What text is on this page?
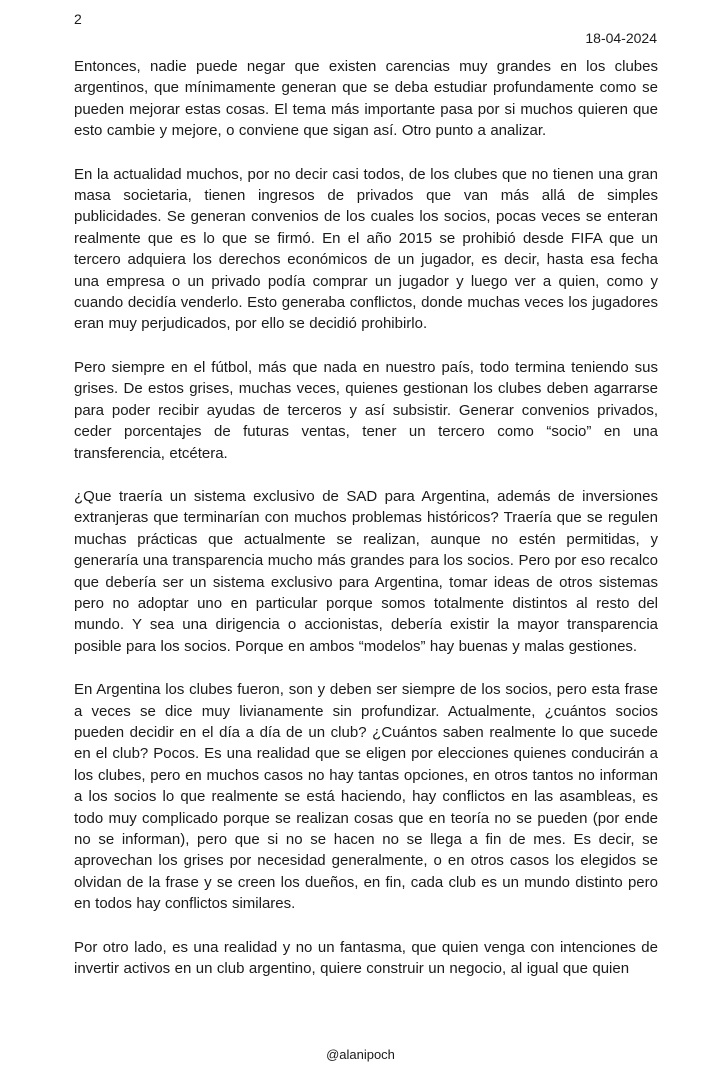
2
18-04-2024

Entonces, nadie puede negar que existen carencias muy grandes en los clubes argentinos, que mínimamente generan que se deba estudiar profundamente como se pueden mejorar estas cosas. El tema más importante pasa por si muchos quieren que esto cambie y mejore, o conviene que sigan así. Otro punto a analizar.

En la actualidad muchos, por no decir casi todos, de los clubes que no tienen una gran masa societaria, tienen ingresos de privados que van más allá de simples publicidades. Se generan convenios de los cuales los socios, pocas veces se enteran realmente que es lo que se firmó. En el año 2015 se prohibió desde FIFA que un tercero adquiera los derechos económicos de un jugador, es decir, hasta esa fecha una empresa o un privado podía comprar un jugador y luego ver a quien, como y cuando decidía venderlo. Esto generaba conflictos, donde muchas veces los jugadores eran muy perjudicados, por ello se decidió prohibirlo.

Pero siempre en el fútbol, más que nada en nuestro país, todo termina teniendo sus grises. De estos grises, muchas veces, quienes gestionan los clubes deben agarrarse para poder recibir ayudas de terceros y así subsistir. Generar convenios privados, ceder porcentajes de futuras ventas, tener un tercero como “socio” en una transferencia, etcétera.

¿Que traería un sistema exclusivo de SAD para Argentina, además de inversiones extranjeras que terminarían con muchos problemas históricos? Traería que se regulen muchas prácticas que actualmente se realizan, aunque no estén permitidas, y generaría una transparencia mucho más grandes para los socios. Pero por eso recalco que debería ser un sistema exclusivo para Argentina, tomar ideas de otros sistemas pero no adoptar uno en particular porque somos totalmente distintos al resto del mundo. Y sea una dirigencia o accionistas, debería existir la mayor transparencia posible para los socios. Porque en ambos “modelos” hay buenas y malas gestiones.

En Argentina los clubes fueron, son y deben ser siempre de los socios, pero esta frase a veces se dice muy livianamente sin profundizar. Actualmente, ¿cuántos socios pueden decidir en el día a día de un club? ¿Cuántos saben realmente lo que sucede en el club? Pocos. Es una realidad que se eligen por elecciones quienes conducirán a los clubes, pero en muchos casos no hay tantas opciones, en otros tantos no informan a los socios lo que realmente se está haciendo, hay conflictos en las asambleas, es todo muy complicado porque se realizan cosas que en teoría no se pueden (por ende no se informan), pero que si no se hacen no se llega a fin de mes. Es decir, se aprovechan los grises por necesidad generalmente, o en otros casos los elegidos se olvidan de la frase y se creen los dueños, en fin, cada club es un mundo distinto pero en todos hay conflictos similares.

Por otro lado, es una realidad y no un fantasma, que quien venga con intenciones de invertir activos en un club argentino, quiere construir un negocio, al igual que quien

@alanipoch
